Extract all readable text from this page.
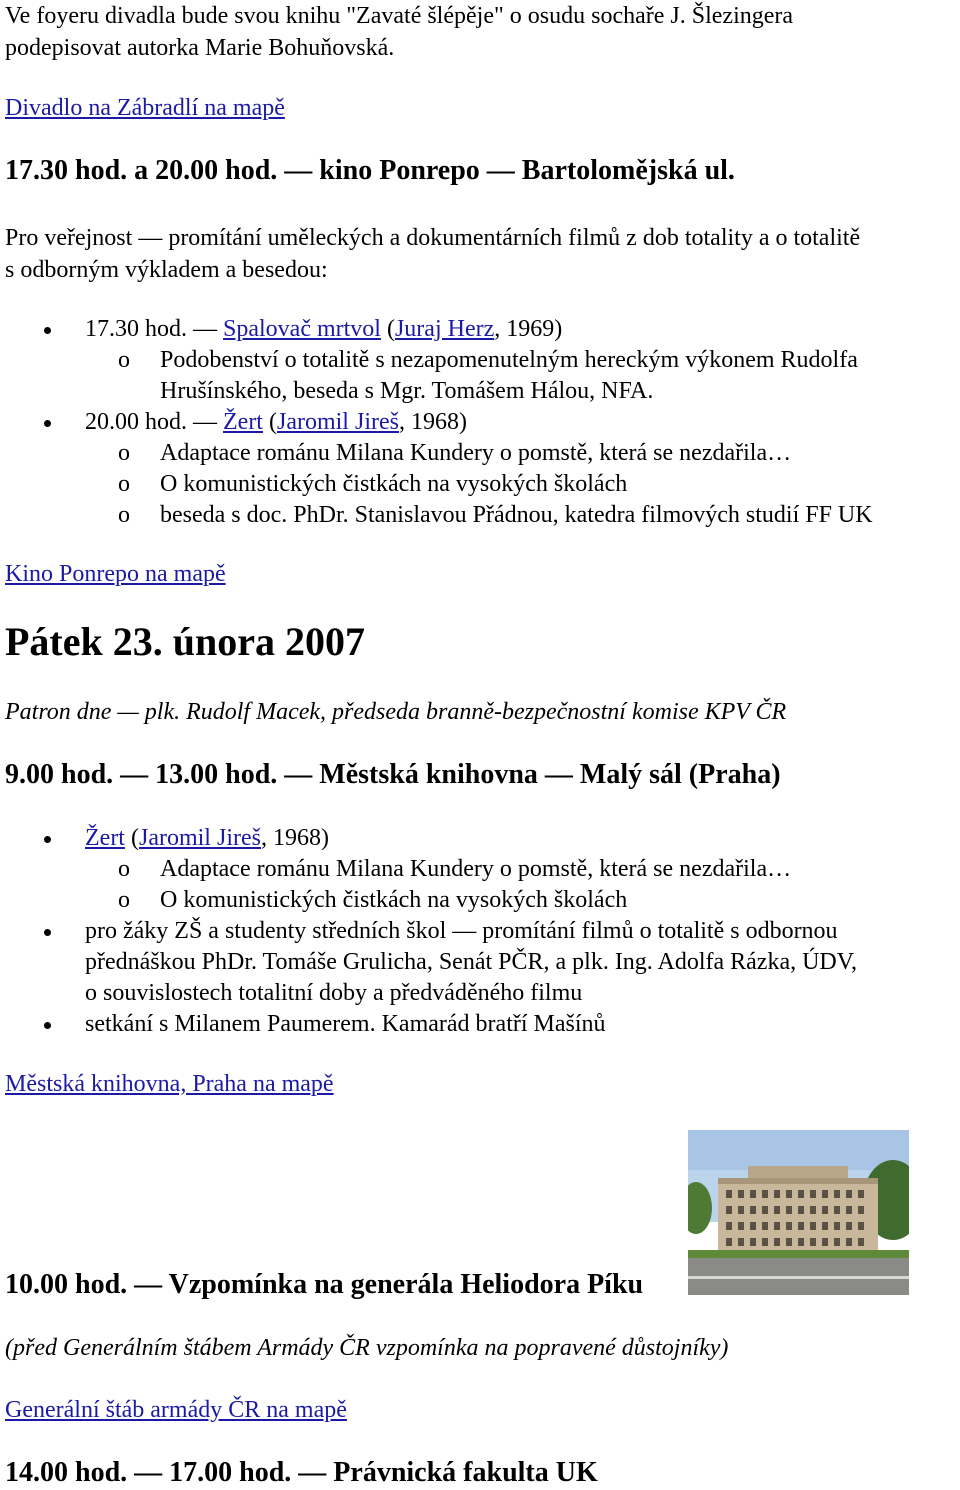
Ve foyeru divadla bude svou knihu "Zavaté šlépěje" o osudu sochaře J. Šlezingera
podepisovat autorka Marie Bohuňovská.
Divadlo na Zábradlí na mapě
17.30 hod. a 20.00 hod. — kino Ponrepo — Bartolomějská ul.
Pro veřejnost — promítání uměleckých a dokumentárních filmů z dob totality a o totalitě
s odborným výkladem a besedou:
17.30 hod. — Spalovač mrtvol (Juraj Herz, 1969)
o Podobenství o totalitě s nezapomenutelným hereckým výkonem Rudolfa
Hrušínského, beseda s Mgr. Tomášem Hálou, NFA.
20.00 hod. — Žert (Jaromil Jireš, 1968)
o Adaptace románu Milana Kundery o pomstě, která se nezdařila…
o O komunistických čistkách na vysokých školách
o beseda s doc. PhDr. Stanislavou Přádnou, katedra filmových studií FF UK
Kino Ponrepo na mapě
Pátek 23. února 2007
Patron dne — plk. Rudolf Macek, předseda branně-bezpečnostní komise KPV ČR
9.00 hod. — 13.00 hod. — Městská knihovna — Malý sál (Praha)
Žert (Jaromil Jireš, 1968)
o Adaptace románu Milana Kundery o pomstě, která se nezdařila…
o O komunistických čistkách na vysokých školách
pro žáky ZŠ a studenty středních škol — promítání filmů o totalitě s odbornou
přednáškou PhDr. Tomáše Grulicha, Senát PČR, a plk. Ing. Adolfa Rázka, ÚDV,
o souvislostech totalitní doby a předváděného filmu
setkání s Milanem Paumerem. Kamarád bratří Mašínů
Městská knihovna, Praha na mapě
10.00 hod. — Vzpomínka na generála Heliodora Píku
(před Generálním štábem Armády ČR vzpomínka na popravené důstojníky)
Generální štáb armády ČR na mapě
14.00 hod. — 17.00 hod. — Právnická fakulta UK
